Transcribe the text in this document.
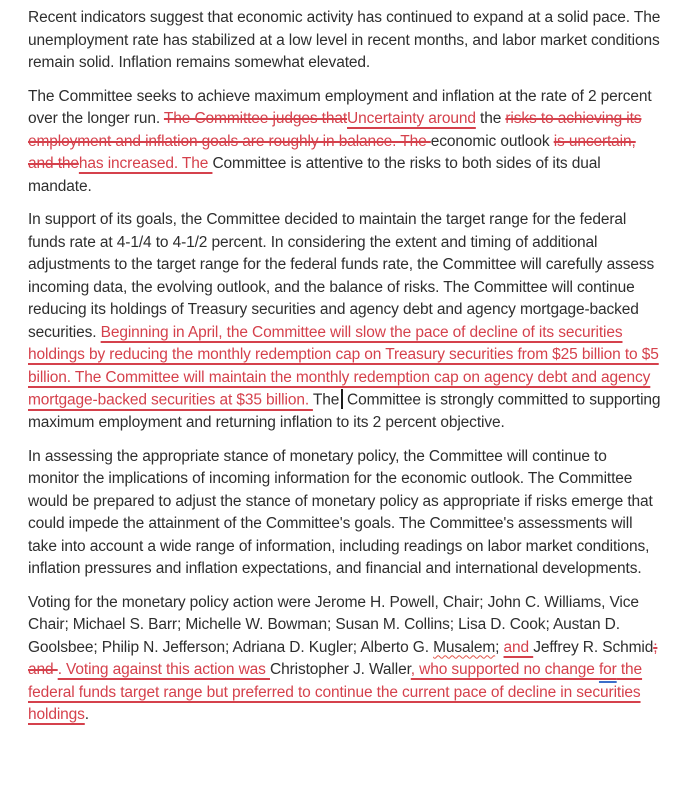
Recent indicators suggest that economic activity has continued to expand at a solid pace. The unemployment rate has stabilized at a low level in recent months, and labor market conditions remain solid. Inflation remains somewhat elevated.

The Committee seeks to achieve maximum employment and inflation at the rate of 2 percent over the longer run. The Committee judges thatUncertainty around the risks to achieving its employment and inflation goals are roughly in balance. The economic outlook is uncertain, and thehas increased. The Committee is attentive to the risks to both sides of its dual mandate.

In support of its goals, the Committee decided to maintain the target range for the federal funds rate at 4-1/4 to 4-1/2 percent. In considering the extent and timing of additional adjustments to the target range for the federal funds rate, the Committee will carefully assess incoming data, the evolving outlook, and the balance of risks. The Committee will continue reducing its holdings of Treasury securities and agency debt and agency mortgage-backed securities. Beginning in April, the Committee will slow the pace of decline of its securities holdings by reducing the monthly redemption cap on Treasury securities from $25 billion to $5 billion. The Committee will maintain the monthly redemption cap on agency debt and agency mortgage-backed securities at $35 billion. The Committee is strongly committed to supporting maximum employment and returning inflation to its 2 percent objective.

In assessing the appropriate stance of monetary policy, the Committee will continue to monitor the implications of incoming information for the economic outlook. The Committee would be prepared to adjust the stance of monetary policy as appropriate if risks emerge that could impede the attainment of the Committee's goals. The Committee's assessments will take into account a wide range of information, including readings on labor market conditions, inflation pressures and inflation expectations, and financial and international developments.

Voting for the monetary policy action were Jerome H. Powell, Chair; John C. Williams, Vice Chair; Michael S. Barr; Michelle W. Bowman; Susan M. Collins; Lisa D. Cook; Austan D. Goolsbee; Philip N. Jefferson; Adriana D. Kugler; Alberto G. Musalem; and Jeffrey R. Schmid; and . Voting against this action was Christopher J. Waller, who supported no change for the federal funds target range but preferred to continue the current pace of decline in securities holdings.
